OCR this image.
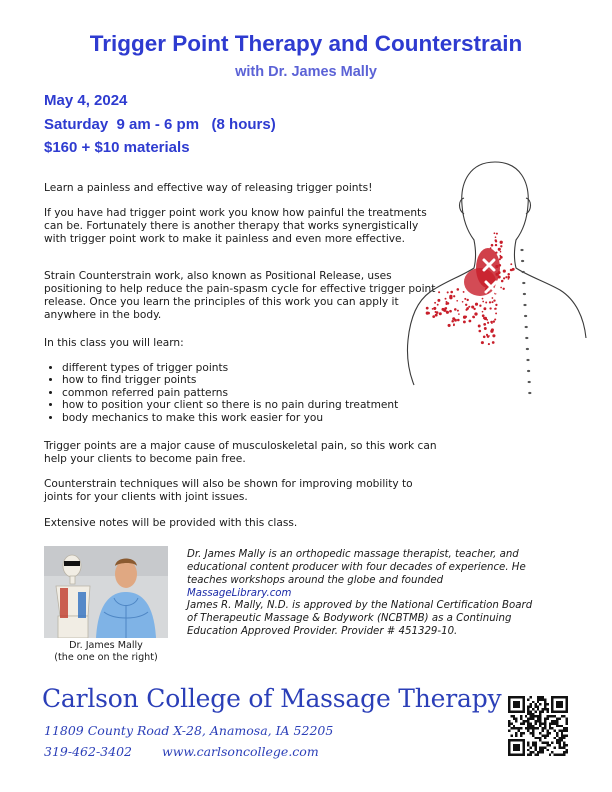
Trigger Point Therapy and Counterstrain
with Dr. James Mally
May 4, 2024
Saturday  9 am - 6 pm   (8 hours)
$160 + $10 materials
Learn a painless and effective way of releasing trigger points!
If you have had trigger point work you know how painful the treatments can be. Fortunately there is another therapy that works synergistically with trigger point work to make it painless and even more effective.
Strain Counterstrain work, also known as Positional Release, uses positioning to help reduce the pain-spasm cycle for effective trigger point release. Once you learn the principles of this work you can apply it anywhere in the body.
In this class you will learn:
• different types of trigger points
• how to find trigger points
• common referred pain patterns
• how to position your client so there is no pain during treatment
• body mechanics to make this work easier for you
Trigger points are a major cause of musculoskeletal pain, so this work can help your clients to become pain free.
Counterstrain techniques will also be shown for improving mobility to joints for your clients with joint issues.
Extensive notes will be provided with this class.
Dr. James Mally
(the one on the right)
Dr. James Mally is an orthopedic massage therapist, teacher, and educational content producer with four decades of experience. He teaches workshops around the globe and founded MassageLibrary.com
James R. Mally, N.D. is approved by the National Certification Board of Therapeutic Massage & Bodywork (NCBTMB) as a Continuing Education Approved Provider. Provider # 451329-10.
Carlson College of Massage Therapy
11809 County Road X-28, Anamosa, IA 52205
319-462-3402 www.carlsoncollege.com
